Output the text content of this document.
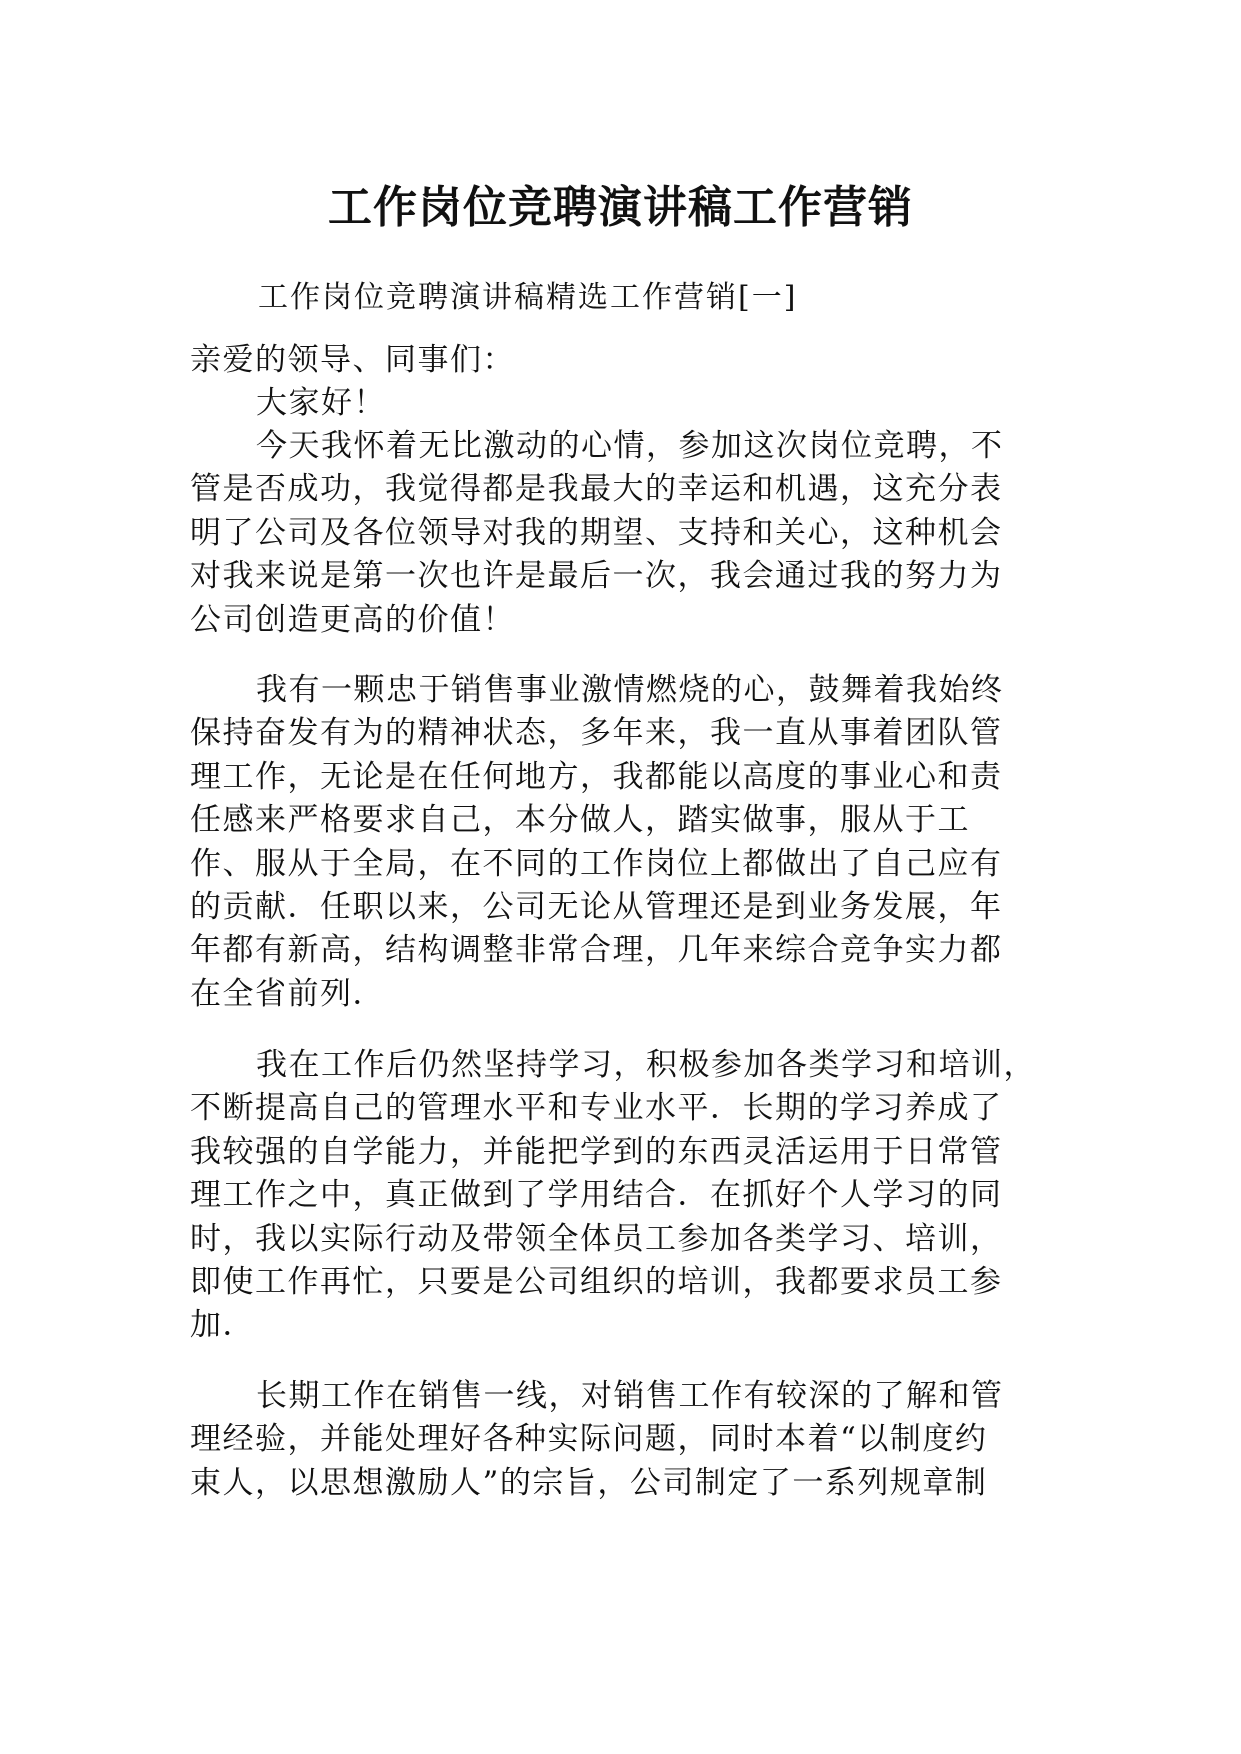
工作岗位竞聘演讲稿工作营销
工作岗位竞聘演讲稿精选工作营销[一]
亲爱的领导、同事们：
大家好！
今天我怀着无比激动的心情，参加这次岗位竞聘，不
管是否成功，我觉得都是我最大的幸运和机遇，这充分表
明了公司及各位领导对我的期望、支持和关心，这种机会
对我来说是第一次也许是最后一次，我会通过我的努力为
公司创造更高的价值！
我有一颗忠于销售事业激情燃烧的心，鼓舞着我始终
保持奋发有为的精神状态，多年来，我一直从事着团队管
理工作，无论是在任何地方，我都能以高度的事业心和责
任感来严格要求自己，本分做人，踏实做事，服从于工
作、服从于全局，在不同的工作岗位上都做出了自己应有
的贡献．任职以来，公司无论从管理还是到业务发展，年
年都有新高，结构调整非常合理，几年来综合竞争实力都
在全省前列．
我在工作后仍然坚持学习，积极参加各类学习和培训，
不断提高自己的管理水平和专业水平．长期的学习养成了
我较强的自学能力，并能把学到的东西灵活运用于日常管
理工作之中，真正做到了学用结合．在抓好个人学习的同
时，我以实际行动及带领全体员工参加各类学习、培训，
即使工作再忙，只要是公司组织的培训，我都要求员工参
加．
长期工作在销售一线，对销售工作有较深的了解和管
理经验，并能处理好各种实际问题，同时本着“以制度约
束人，以思想激励人”的宗旨，公司制定了一系列规章制
